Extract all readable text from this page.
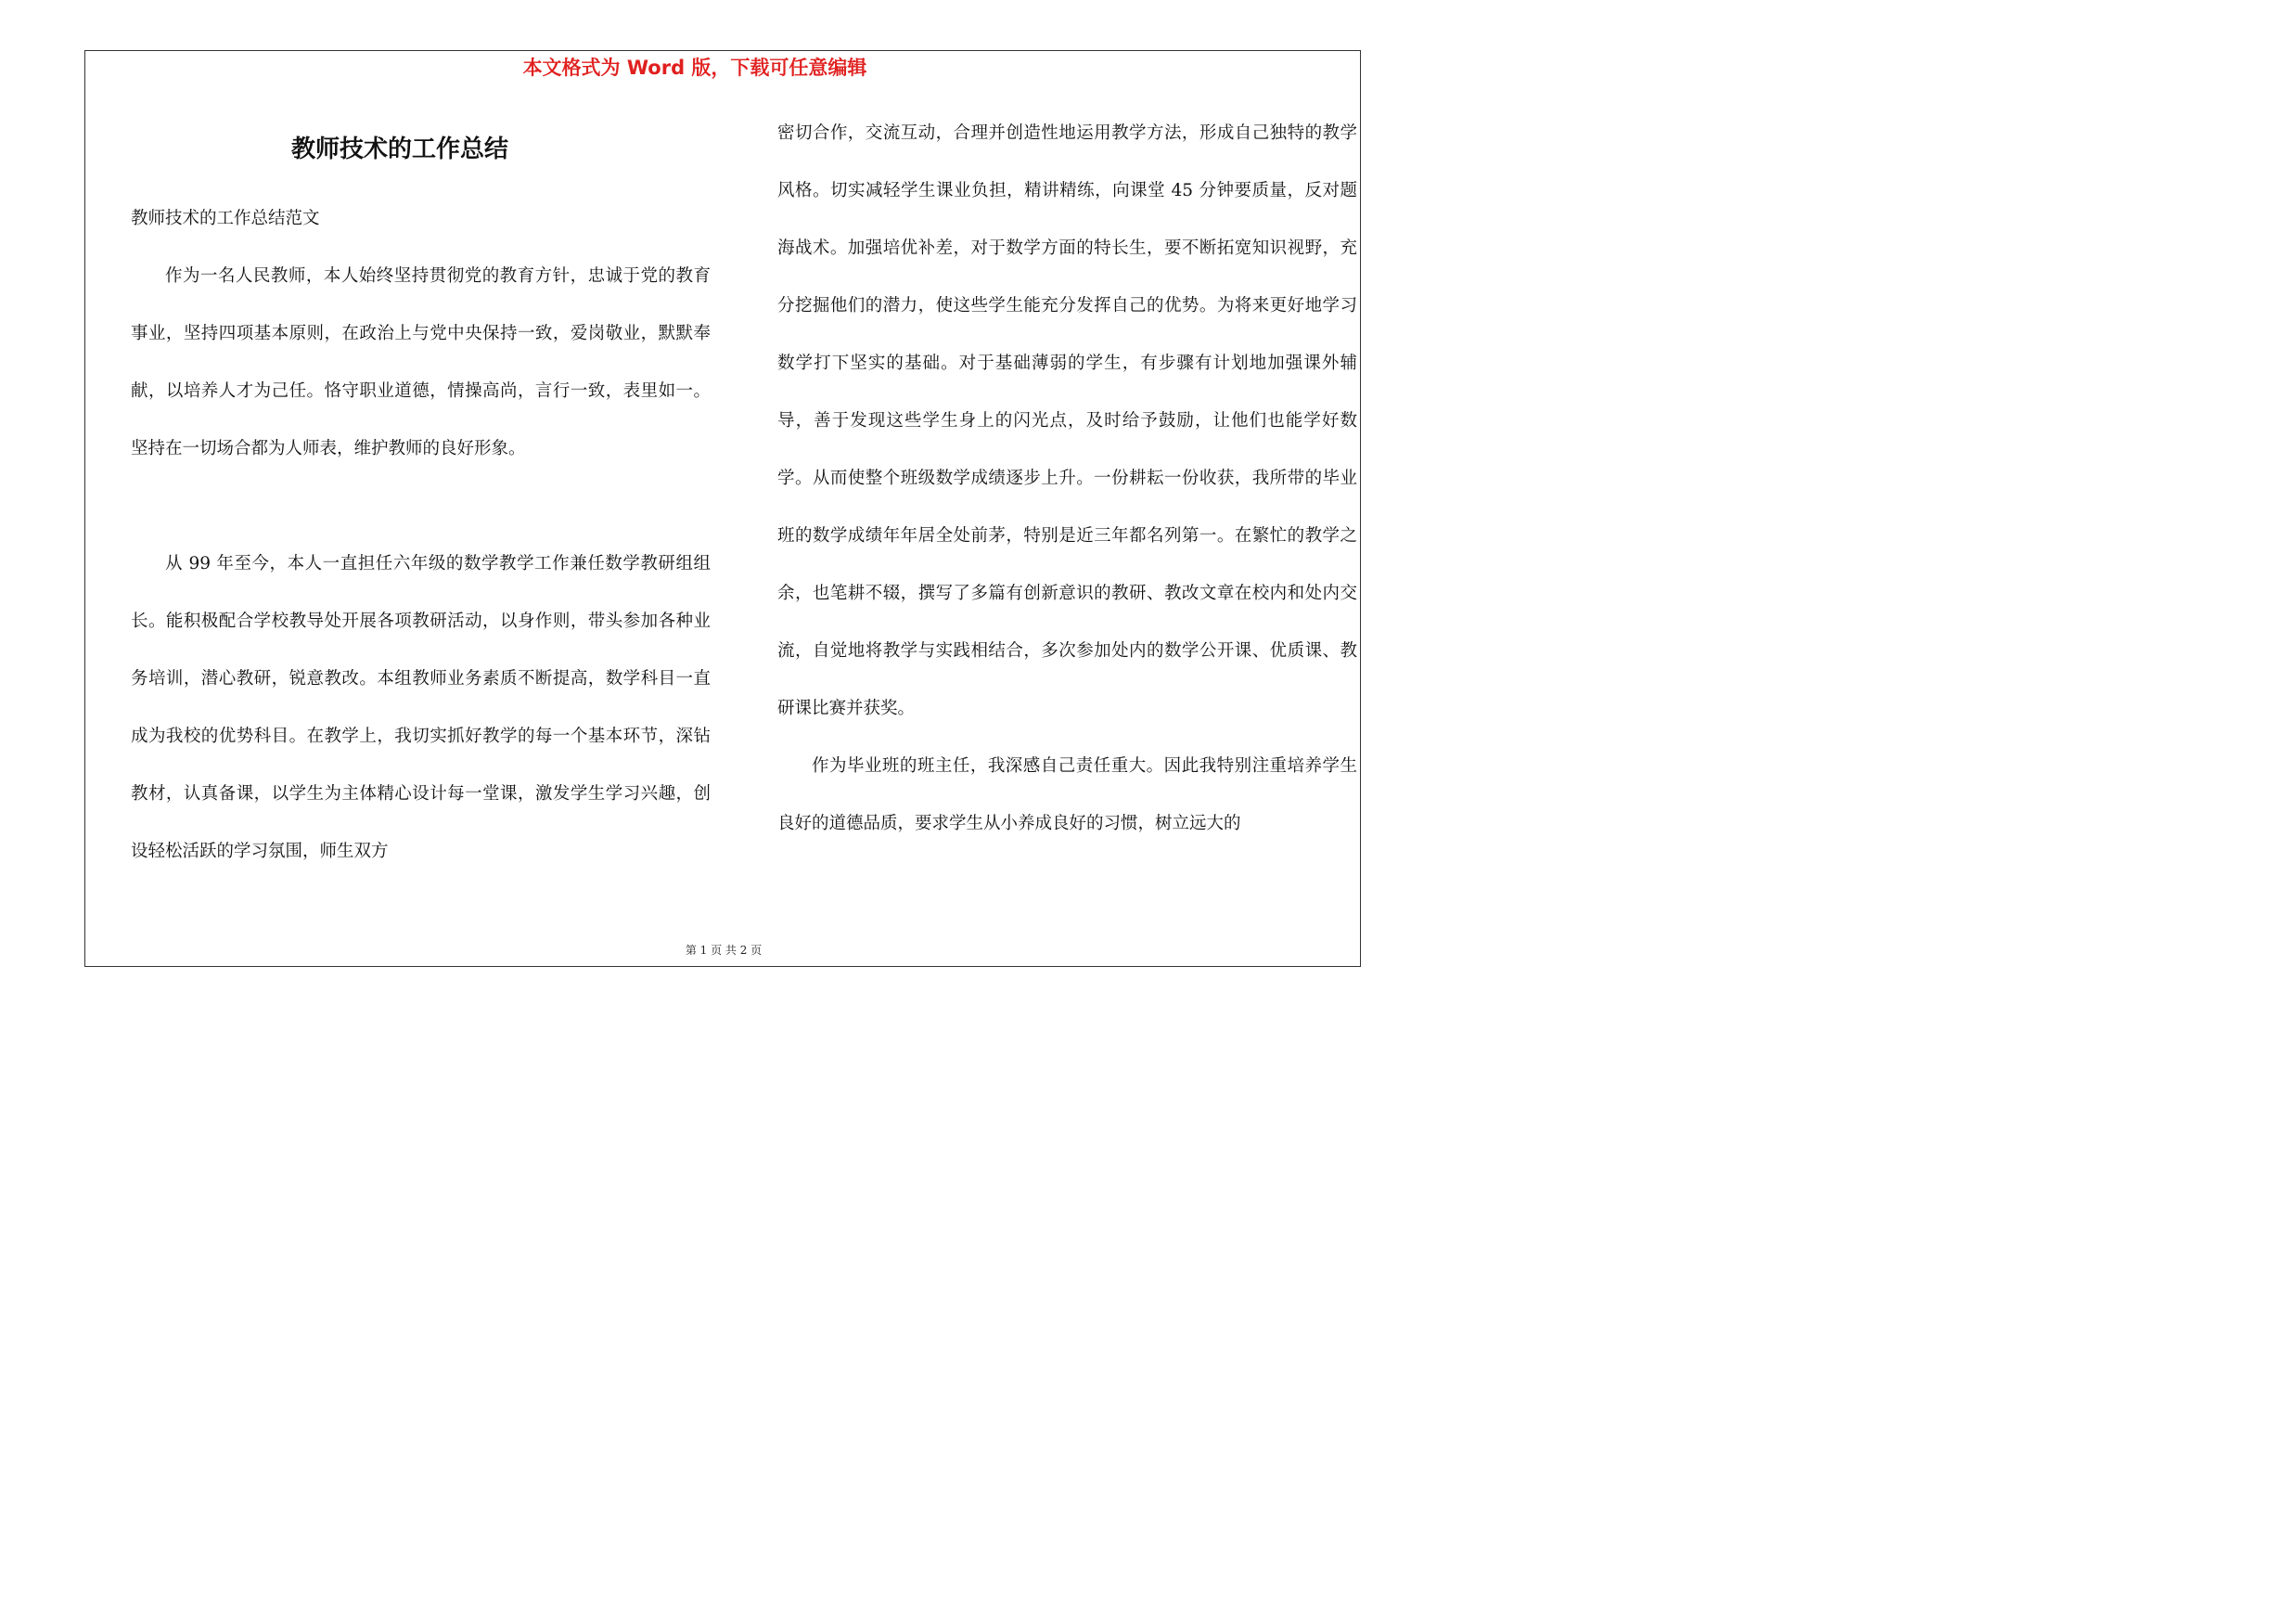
本文格式为 Word 版，下载可任意编辑
教师技术的工作总结

教师技术的工作总结范文

作为一名人民教师，本人始终坚持贯彻党的教育方针，忠诚于党的教育事业，坚持四项基本原则，在政治上与党中央保持一致，爱岗敬业，默默奉献，以培养人才为己任。恪守职业道德，情操高尚，言行一致，表里如一。坚持在一切场合都为人师表，维护教师的良好形象。

从 99 年至今，本人一直担任六年级的数学教学工作兼任数学教研组组长。能积极配合学校教导处开展各项教研活动，以身作则，带头参加各种业务培训，潜心教研，锐意教改。本组教师业务素质不断提高，数学科目一直成为我校的优势科目。在教学上，我切实抓好教学的每一个基本环节，深钻教材，认真备课，以学生为主体精心设计每一堂课，激发学生学习兴趣，创设轻松活跃的学习氛围，师生双方

密切合作，交流互动，合理并创造性地运用教学方法，形成自己独特的教学风格。切实减轻学生课业负担，精讲精练，向课堂 45 分钟要质量，反对题海战术。加强培优补差，对于数学方面的特长生，要不断拓宽知识视野，充分挖掘他们的潜力，使这些学生能充分发挥自己的优势。为将来更好地学习数学打下坚实的基础。对于基础薄弱的学生，有步骤有计划地加强课外辅导，善于发现这些学生身上的闪光点，及时给予鼓励，让他们也能学好数学。从而使整个班级数学成绩逐步上升。一份耕耘一份收获，我所带的毕业班的数学成绩年年居全处前茅，特别是近三年都名列第一。在繁忙的教学之余，也笔耕不辍，撰写了多篇有创新意识的教研、教改文章在校内和处内交流，自觉地将教学与实践相结合，多次参加处内的数学公开课、优质课、教研课比赛并获奖。

作为毕业班的班主任，我深感自己责任重大。因此我特别注重培养学生良好的道德品质，要求学生从小养成良好的习惯，树立远大的

第 1 页 共 2 页
